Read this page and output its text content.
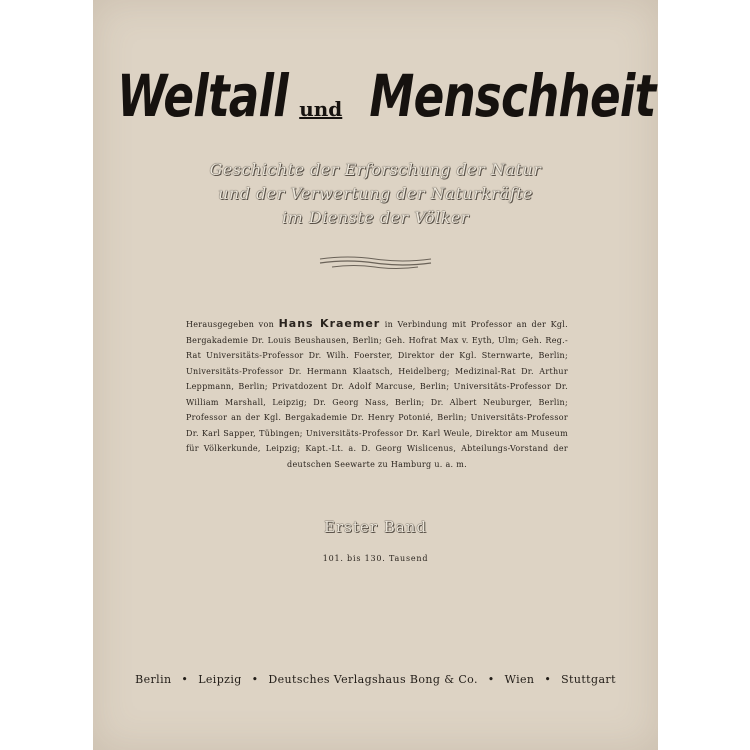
Weltall und Menschheit
Geschichte der Erforschung der Natur
und der Verwertung der Naturkräfte
im Dienste der Völker
Herausgegeben von Hans Kraemer in Verbindung mit Professor an der Kgl. Bergakademie Dr. Louis Beushausen, Berlin; Geh. Hofrat Max v. Eyth, Ulm; Geh. Reg.-Rat Universitäts-Professor Dr. Wilh. Foerster, Direktor der Kgl. Sternwarte, Berlin; Universitäts-Professor Dr. Hermann Klaatsch, Heidelberg; Medizinal-Rat Dr. Arthur Leppmann, Berlin; Privatdozent Dr. Adolf Marcuse, Berlin; Universitäts-Professor Dr. William Marshall, Leipzig; Dr. Georg Nass, Berlin; Dr. Albert Neuburger, Berlin; Professor an der Kgl. Bergakademie Dr. Henry Potonié, Berlin; Universitäts-Professor Dr. Karl Sapper, Tübingen; Universitäts-Professor Dr. Karl Weule, Direktor am Museum für Völkerkunde, Leipzig; Kapt.-Lt. a. D. Georg Wislicenus, Abteilungs-Vorstand der deutschen Seewarte zu Hamburg u. a. m.
Erster Band
101. bis 130. Tausend
Berlin • Leipzig • Deutsches Verlagshaus Bong & Co. • Wien • Stuttgart
